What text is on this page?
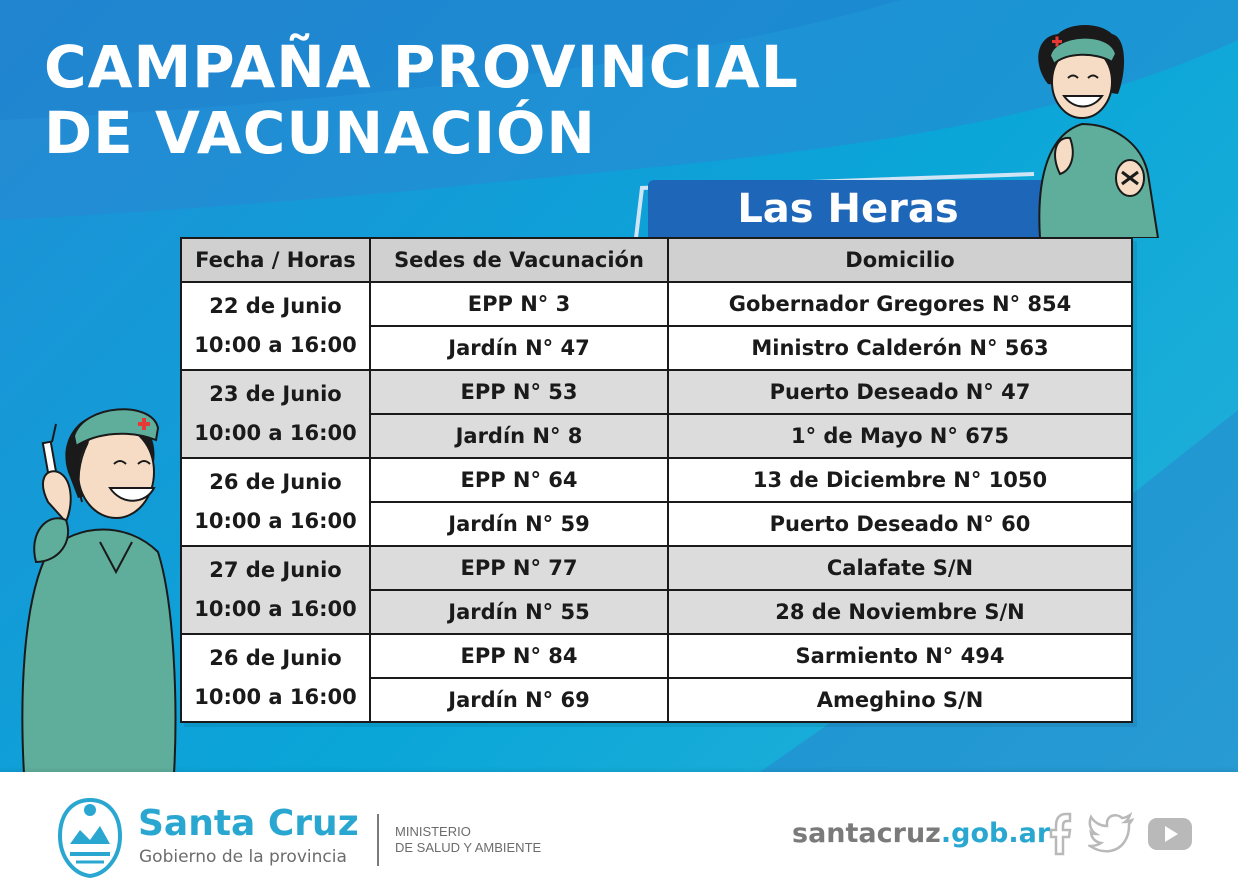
CAMPAÑA PROVINCIAL
DE VACUNACIÓN
Las Heras
Fecha / Horas	Sedes de Vacunación	Domicilio

22 de Junio
10:00 a 16:00	EPP N° 3	Gobernador Gregores N° 854
	Jardín N° 47	Ministro Calderón N° 563

23 de Junio
10:00 a 16:00	EPP N° 53	Puerto Deseado N° 47
	Jardín N° 8	1° de Mayo N° 675

26 de Junio
10:00 a 16:00	EPP N° 64	13 de Diciembre N° 1050
	Jardín N° 59	Puerto Deseado N° 60

27 de Junio
10:00 a 16:00	EPP N° 77	Calafate S/N
	Jardín N° 55	28 de Noviembre S/N

26 de Junio
10:00 a 16:00	EPP N° 84	Sarmiento N° 494
	Jardín N° 69	Ameghino S/N
Santa Cruz
Gobierno de la provincia
MINISTERIO
DE SALUD Y AMBIENTE	santacruz.gob.ar
